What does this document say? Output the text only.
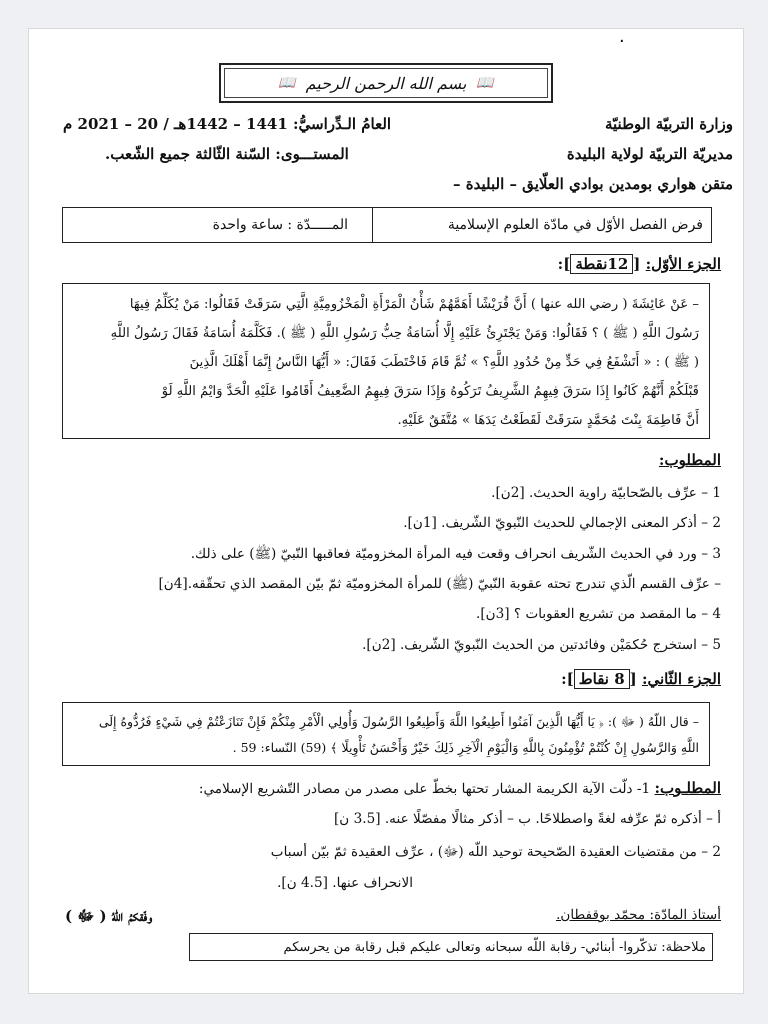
·
📖 بسم الله الرحمن الرحيم 📖
وزارة التربيّة الوطنيّة
العامُ الـدِّراسيُّ: 1441 – 1442هـ / 20 – 2021 م
مديريّة التربيّة لولاية البليدة
المستـــوى: السّنة الثّالثة جميع الشّعب.
متقن هواري بومدين بوادي العلّايق – البليدة –
فرض الفصل الأوّل في مادّة العلوم الإسلامية
المـــــدّة : ساعة واحدة
الجزء الأوّل: [12نقطة]:
– عَنْ عَائِشَةَ ( رضي الله عنها ) أَنَّ قُرَيْشًا أَهَمَّهُمْ شَأْنُ الْمَرْأَةِ الْمَخْزُومِيَّةِ الَّتِي سَرَقَتْ فَقَالُوا: مَنْ يُكَلِّمُ فِيهَا
رَسُولَ اللَّهِ ( ﷺ ) ؟ فَقَالُوا: وَمَنْ يَجْتَرِئُ عَلَيْهِ إِلَّا أُسَامَةُ حِبُّ رَسُولِ اللَّهِ ( ﷺ ). فَكَلَّمَهُ أُسَامَةُ فَقَالَ رَسُولُ اللَّهِ
( ﷺ ) : « أَتَشْفَعُ فِي حَدٍّ مِنْ حُدُودِ اللَّهِ؟ » ثُمَّ قَامَ فَاخْتَطَبَ فَقَالَ: « أَيُّهَا النَّاسُ إِنَّمَا أَهْلَكَ الَّذِينَ
قَبْلَكُمْ أَنَّهُمْ كَانُوا إِذَا سَرَقَ فِيهِمُ الشَّرِيفُ تَرَكُوهُ وَإِذَا سَرَقَ فِيهِمُ الضَّعِيفُ أَقَامُوا عَلَيْهِ الْحَدَّ وَايْمُ اللَّهِ لَوْ
أَنَّ فَاطِمَةَ بِنْتَ مُحَمَّدٍ سَرَقَتْ لَقَطَعْتُ يَدَهَا » مُتَّفَقٌ عَلَيْهِ.
المطلوب:
1 – عرِّف بالصّحابيّة راوية الحديث. [2ن].
2 – أذكر المعنى الإجمالي للحديث النّبويّ الشّريف. [1ن].
3 – ورد في الحديث الشّريف انحراف وقعت فيه المرأة المخزوميّة فعاقبها النّبيّ (ﷺ) على ذلك.
– عرِّف القسم الّذي تندرج تحته عقوبة النّبيّ (ﷺ) للمرأة المخزوميّة ثمّ بيّن المقصد الذي تحقّقه.[4ن]
4 – ما المقصد من تشريع العقوبات ؟ [3ن].
5 – استخرج حُكمَيْن وفائدتين من الحديث النّبويّ الشّريف. [2ن].
الجزء الثّاني: [8 نقاط]:
– قال اللّهُ ( ﷻ ): ﴿ يَا أَيُّهَا الَّذِينَ آمَنُوا أَطِيعُوا اللَّهَ وَأَطِيعُوا الرَّسُولَ وَأُولِي الْأَمْرِ مِنْكُمْ فَإِنْ تَنَازَعْتُمْ فِي شَيْءٍ فَرُدُّوهُ إِلَى
اللَّهِ وَالرَّسُولِ إِنْ كُنْتُمْ تُؤْمِنُونَ بِاللَّهِ وَالْيَوْمِ الْآخِرِ ذَلِكَ خَيْرٌ وَأَحْسَنُ تَأْوِيلًا ﴾ (59) النّساء: 59 .
المطلـوب: 1- دلّت الآية الكريمة المشار تحتها بخطّ على مصدر من مصادر التّشريع الإسلامي:
أ – أذكره ثمّ عرِّفه لغةً واصطلاحًا. ب – أذكر مثالًا مفصّلًا عنه. [3.5 ن]
2 – من مقتضيات العقيدة الصّحيحة توحيد اللّه (ﷻ) ، عرِّف العقيدة ثمّ بيّن أسباب
الانحراف عنها. [4.5 ن].
أستاذ المادّة: محمّد بوقفطان.
وفّقكمُ اللّهُ ( ﷻ )
ملاحظة: تذكّروا- أبنائي- رقابة اللّه سبحانه وتعالى عليكم قبل رقابة من يحرسكم
